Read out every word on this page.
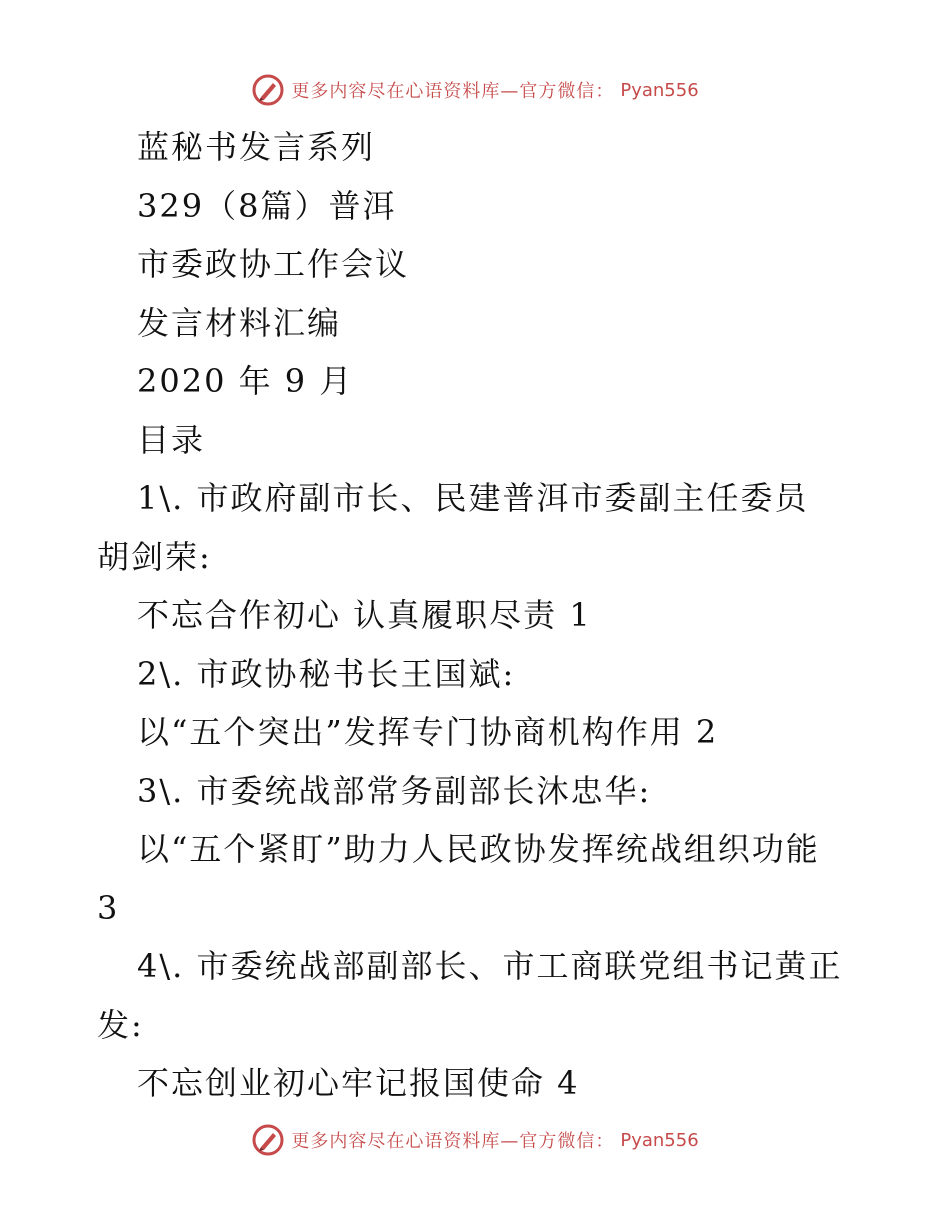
更多内容尽在心语资料库—官方微信： Pyan556
蓝秘书发言系列
329（8篇）普洱
市委政协工作会议
发言材料汇编
2020 年 9 月
目录
1\. 市政府副市长、民建普洱市委副主任委员
胡剑荣:
不忘合作初心 认真履职尽责 1
2\. 市政协秘书长王国斌:
以“五个突出”发挥专门协商机构作用 2
3\. 市委统战部常务副部长沐忠华:
以“五个紧盯”助力人民政协发挥统战组织功能
3
4\. 市委统战部副部长、市工商联党组书记黄正
发:
不忘创业初心牢记报国使命 4
更多内容尽在心语资料库—官方微信： Pyan556
